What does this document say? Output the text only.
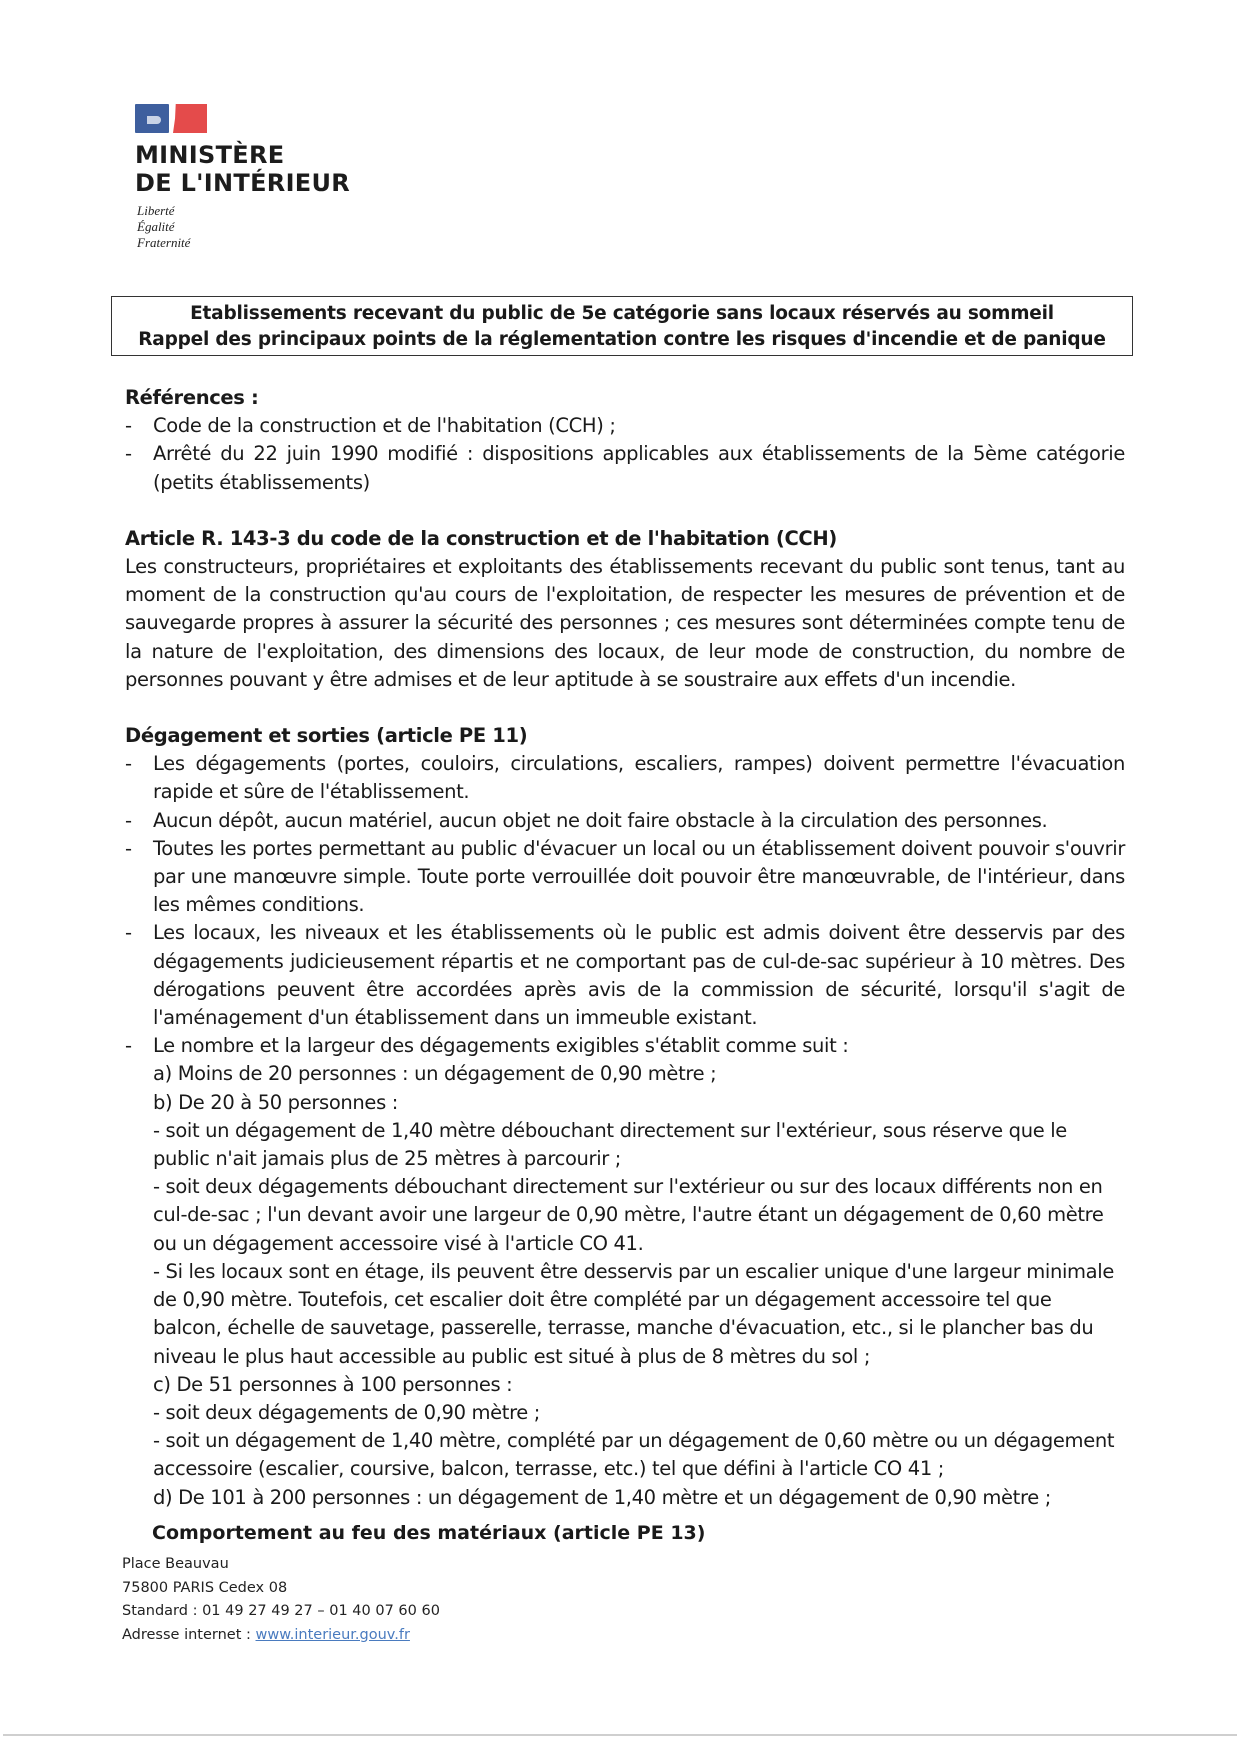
MINISTÈRE
DE L'INTÉRIEUR
Liberté
Égalité
Fraternité
Etablissements recevant du public de 5e catégorie sans locaux réservés au sommeil
Rappel des principaux points de la réglementation contre les risques d'incendie et de panique

Références :

- Code de la construction et de l'habitation (CCH) ;
- Arrêté du 22 juin 1990 modifié : dispositions applicables aux établissements de la 5ème catégorie (petits établissements)

Article R. 143-3 du code de la construction et de l'habitation (CCH)

Les constructeurs, propriétaires et exploitants des établissements recevant du public sont tenus, tant au moment de la construction qu'au cours de l'exploitation, de respecter les mesures de prévention et de sauvegarde propres à assurer la sécurité des personnes ; ces mesures sont déterminées compte tenu de la nature de l'exploitation, des dimensions des locaux, de leur mode de construction, du nombre de personnes pouvant y être admises et de leur aptitude à se soustraire aux effets d'un incendie.

Dégagement et sorties (article PE 11)

- Les dégagements (portes, couloirs, circulations, escaliers, rampes) doivent permettre l'évacuation rapide et sûre de l'établissement.
- Aucun dépôt, aucun matériel, aucun objet ne doit faire obstacle à la circulation des personnes.
- Toutes les portes permettant au public d'évacuer un local ou un établissement doivent pouvoir s'ouvrir par une manœuvre simple. Toute porte verrouillée doit pouvoir être manœuvrable, de l'intérieur, dans les mêmes conditions.
- Les locaux, les niveaux et les établissements où le public est admis doivent être desservis par des dégagements judicieusement répartis et ne comportant pas de cul-de-sac supérieur à 10 mètres. Des dérogations peuvent être accordées après avis de la commission de sécurité, lorsqu'il s'agit de l'aménagement d'un établissement dans un immeuble existant.
- Le nombre et la largeur des dégagements exigibles s'établit comme suit :

a) Moins de 20 personnes : un dégagement de 0,90 mètre ;

b) De 20 à 50 personnes :

- soit un dégagement de 1,40 mètre débouchant directement sur l'extérieur, sous réserve que le public n'ait jamais plus de 25 mètres à parcourir ;

- soit deux dégagements débouchant directement sur l'extérieur ou sur des locaux différents non en cul-de-sac ; l'un devant avoir une largeur de 0,90 mètre, l'autre étant un dégagement de 0,60 mètre ou un dégagement accessoire visé à l'article CO 41.

- Si les locaux sont en étage, ils peuvent être desservis par un escalier unique d'une largeur minimale de 0,90 mètre. Toutefois, cet escalier doit être complété par un dégagement accessoire tel que balcon, échelle de sauvetage, passerelle, terrasse, manche d'évacuation, etc., si le plancher bas du niveau le plus haut accessible au public est situé à plus de 8 mètres du sol ;

c) De 51 personnes à 100 personnes :

- soit deux dégagements de 0,90 mètre ;

- soit un dégagement de 1,40 mètre, complété par un dégagement de 0,60 mètre ou un dégagement accessoire (escalier, coursive, balcon, terrasse, etc.) tel que défini à l'article CO 41 ;

d) De 101 à 200 personnes : un dégagement de 1,40 mètre et un dégagement de 0,90 mètre ;

Comportement au feu des matériaux (article PE 13)
Place Beauvau
75800 PARIS Cedex 08
Standard : 01 49 27 49 27 – 01 40 07 60 60
Adresse internet : www.interieur.gouv.fr
